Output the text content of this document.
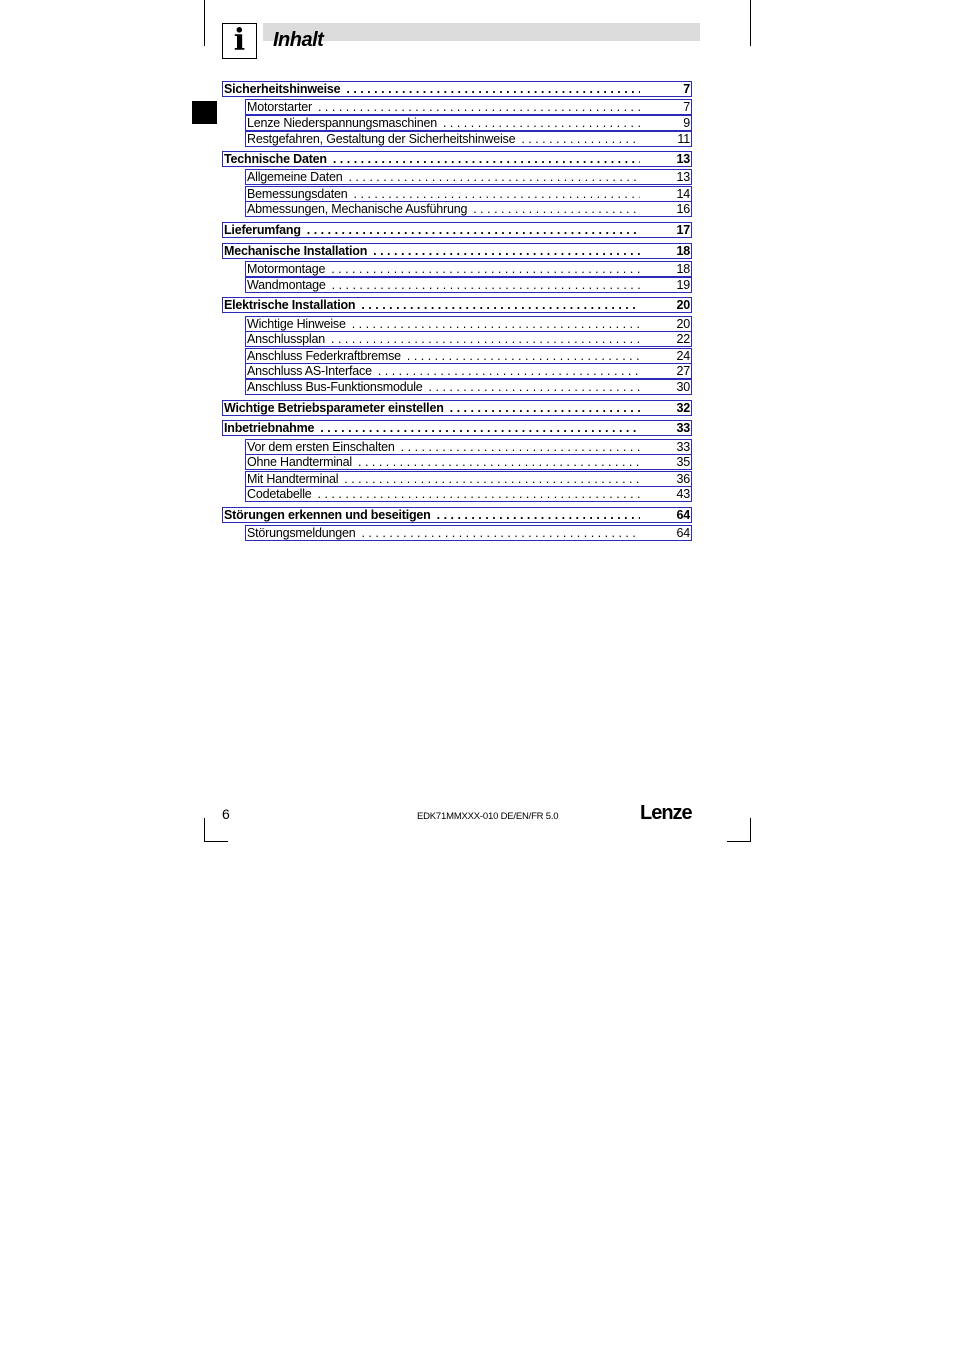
i	Inhalt
Sicherheitshinweise . . .	7
Motorstarter . . .	7
Lenze Niederspannungsmaschinen . . .	9
Restgefahren, Gestaltung der Sicherheitshinweise . . .	11
Technische Daten . . .	13
Allgemeine Daten . . .	13
Bemessungsdaten . . .	14
Abmessungen, Mechanische Ausführung . . .	16
Lieferumfang . . .	17
Mechanische Installation . . .	18
Motormontage . . .	18
Wandmontage . . .	19
Elektrische Installation . . .	20
Wichtige Hinweise . . .	20
Anschlussplan . . .	22
Anschluss Federkraftbremse . . .	24
Anschluss AS-Interface . . .	27
Anschluss Bus-Funktionsmodule . . .	30
Wichtige Betriebsparameter einstellen . . .	32
Inbetriebnahme . . .	33
Vor dem ersten Einschalten . . .	33
Ohne Handterminal . . .	35
Mit Handterminal . . .	36
Codetabelle . . .	43
Störungen erkennen und beseitigen . . .	64
Störungsmeldungen . . .	64
6	EDK71MMXXX-010 DE/EN/FR 5.0	Lenze
